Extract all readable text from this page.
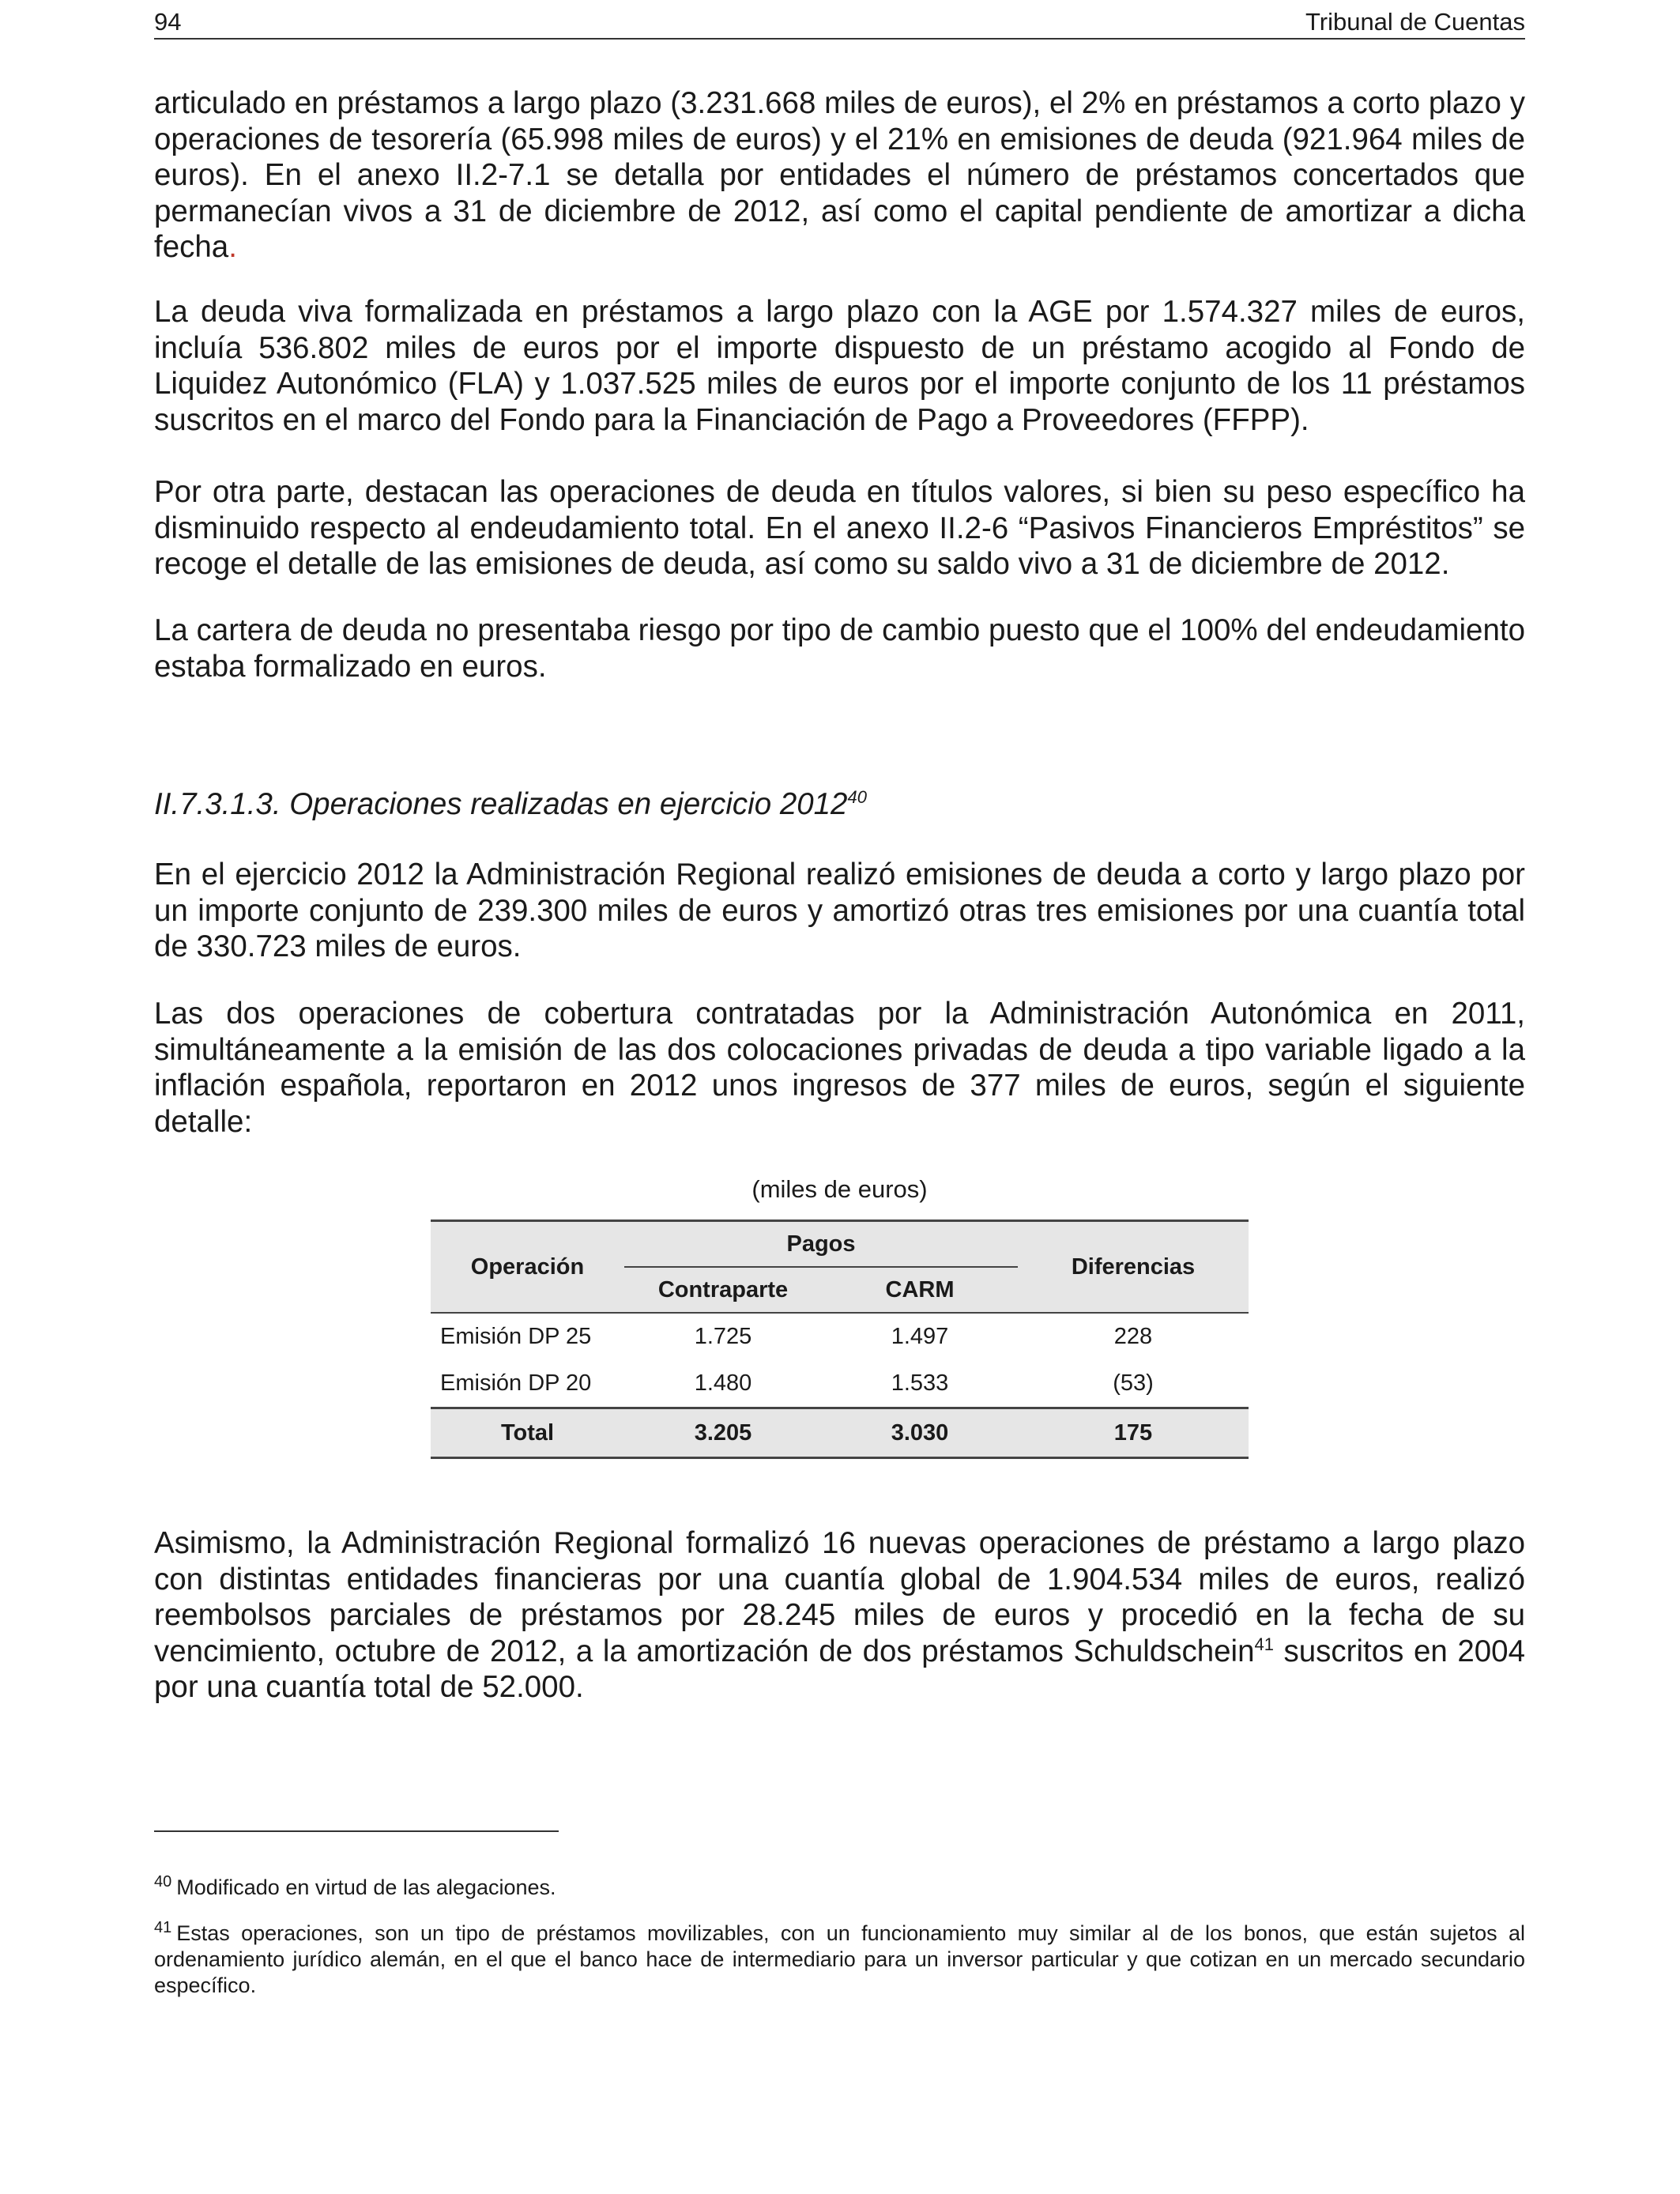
94	Tribunal de Cuentas

articulado en préstamos a largo plazo (3.231.668 miles de euros), el 2% en préstamos a corto plazo y operaciones de tesorería (65.998 miles de euros) y el 21% en emisiones de deuda (921.964 miles de euros). En el anexo II.2-7.1 se detalla por entidades el número de préstamos concertados que permanecían vivos a 31 de diciembre de 2012, así como el capital pendiente de amortizar a dicha fecha.

La deuda viva formalizada en préstamos a largo plazo con la AGE por 1.574.327 miles de euros, incluía 536.802 miles de euros por el importe dispuesto de un préstamo acogido al Fondo de Liquidez Autonómico (FLA) y 1.037.525 miles de euros por el importe conjunto de los 11 préstamos suscritos en el marco del Fondo para la Financiación de Pago a Proveedores (FFPP).

Por otra parte, destacan las operaciones de deuda en títulos valores, si bien su peso específico ha disminuido respecto al endeudamiento total. En el anexo II.2-6 “Pasivos Financieros Empréstitos” se recoge el detalle de las emisiones de deuda, así como su saldo vivo a 31 de diciembre de 2012.

La cartera de deuda no presentaba riesgo por tipo de cambio puesto que el 100% del endeudamiento estaba formalizado en euros.

II.7.3.1.3. Operaciones realizadas en ejercicio 2012$^{40}$

En el ejercicio 2012 la Administración Regional realizó emisiones de deuda a corto y largo plazo por un importe conjunto de 239.300 miles de euros y amortizó otras tres emisiones por una cuantía total de 330.723 miles de euros.

Las dos operaciones de cobertura contratadas por la Administración Autonómica en 2011, simultáneamente a la emisión de las dos colocaciones privadas de deuda a tipo variable ligado a la inflación española, reportaron en 2012 unos ingresos de 377 miles de euros, según el siguiente detalle:

(miles de euros)
Operación	Pagos		Diferencias
	Contraparte	CARM	
Emisión DP 25	1.725	1.497	228
Emisión DP 20	1.480	1.533	(53)
Total	3.205	3.030	175

Asimismo, la Administración Regional formalizó 16 nuevas operaciones de préstamo a largo plazo con distintas entidades financieras por una cuantía global de 1.904.534 miles de euros, realizó reembolsos parciales de préstamos por 28.245 miles de euros y procedió en la fecha de su vencimiento, octubre de 2012, a la amortización de dos préstamos Schuldschein$^{41}$ suscritos en 2004 por una cuantía total de 52.000.

$^{40}$ Modificado en virtud de las alegaciones.

$^{41}$ Estas operaciones, son un tipo de préstamos movilizables, con un funcionamiento muy similar al de los bonos, que están sujetos al ordenamiento jurídico alemán, en el que el banco hace de intermediario para un inversor particular y que cotizan en un mercado secundario específico.
